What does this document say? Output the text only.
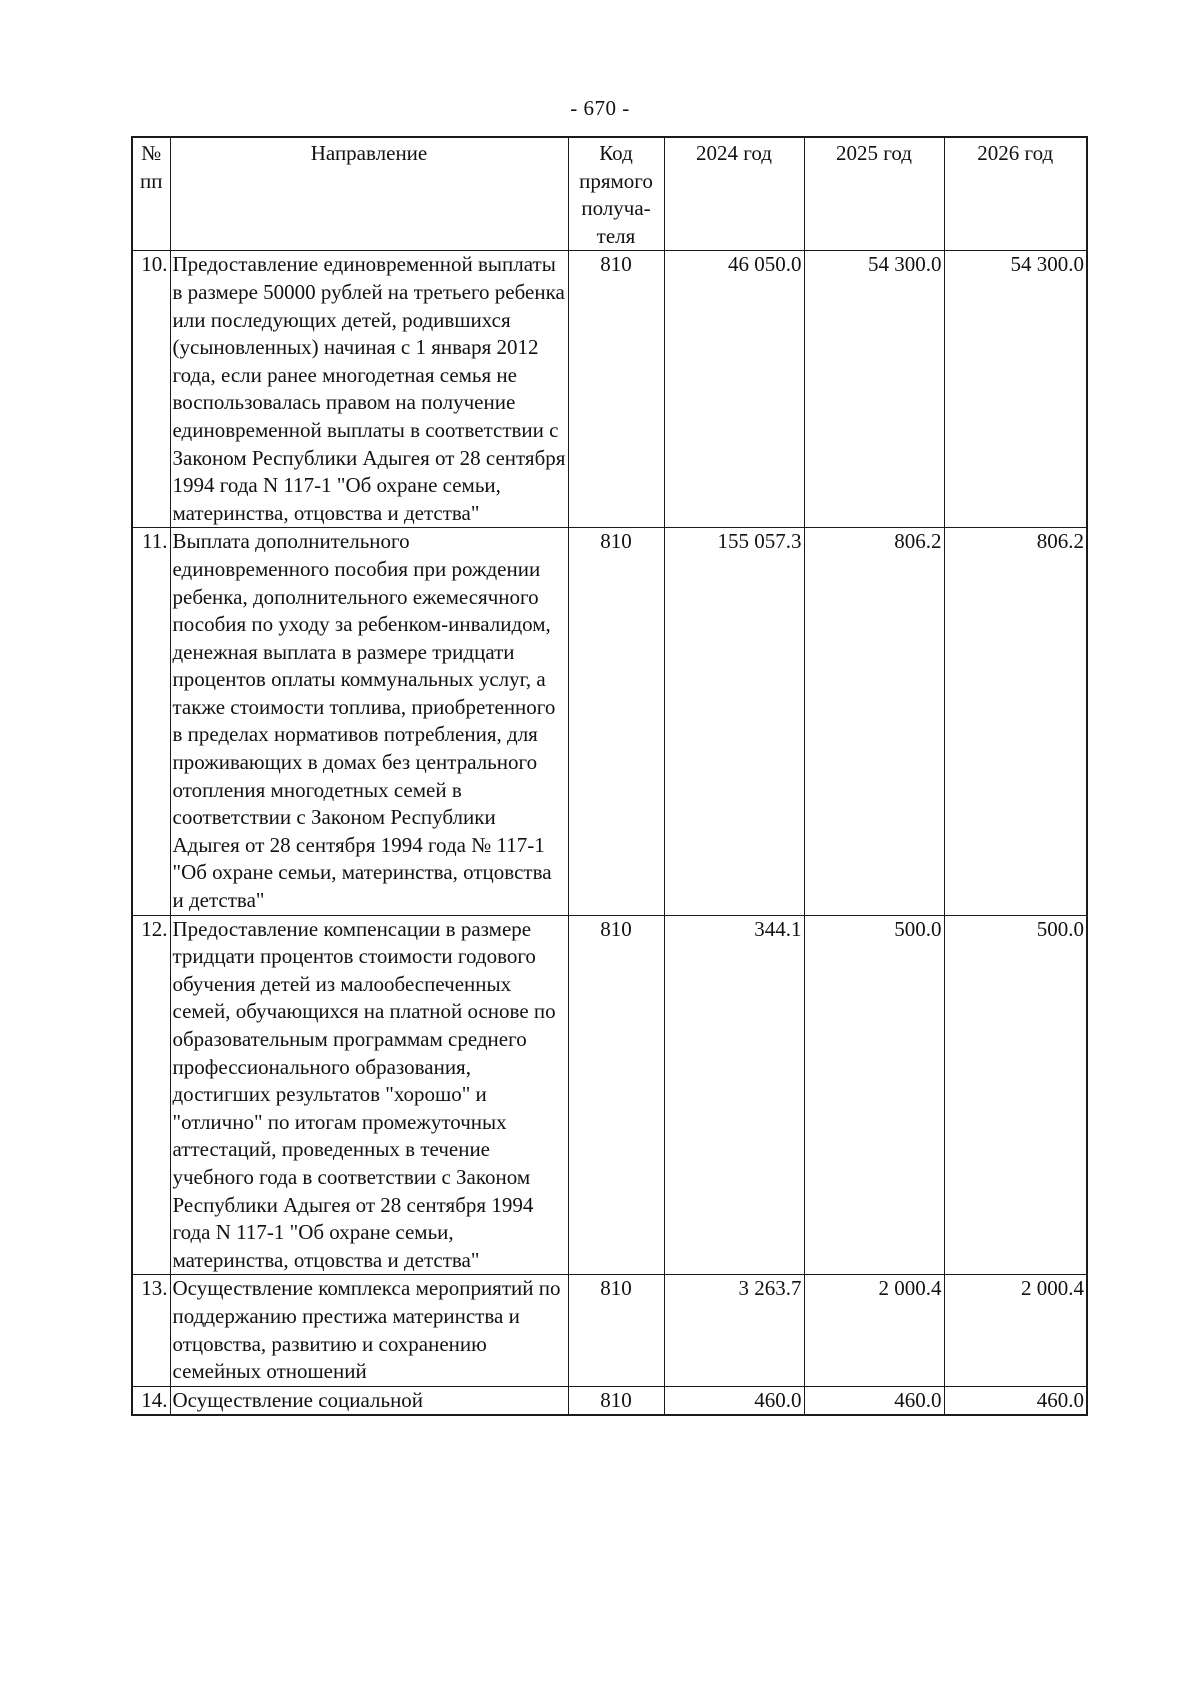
- 670 -
№ пп	Направление	Код прямого получа-теля	2024 год	2025 год	2026 год
10.	Предоставление единовременной выплаты в размере 50000 рублей на третьего ребенка или последующих детей, родившихся (усыновленных) начиная с 1 января 2012 года, если ранее многодетная семья не воспользовалась правом на получение единовременной выплаты в соответствии с Законом Республики Адыгея от 28 сентября 1994 года N 117-1 "Об охране семьи, материнства, отцовства и детства"	810	46 050.0	54 300.0	54 300.0
11.	Выплата дополнительного единовременного пособия при рождении ребенка, дополнительного ежемесячного пособия по уходу за ребенком-инвалидом, денежная выплата в размере тридцати процентов оплаты коммунальных услуг, а также стоимости топлива, приобретенного в пределах нормативов потребления, для проживающих в домах без центрального отопления многодетных семей в соответствии с Законом Республики Адыгея от 28 сентября 1994 года № 117-1 "Об охране семьи, материнства, отцовства и детства"	810	155 057.3	806.2	806.2
12.	Предоставление компенсации в размере тридцати процентов стоимости годового обучения детей из малообеспеченных семей, обучающихся на платной основе по образовательным программам среднего профессионального образования, достигших результатов "хорошо" и "отлично" по итогам промежуточных аттестаций, проведенных в течение учебного года в соответствии с Законом Республики Адыгея от 28 сентября 1994 года N 117-1 "Об охране семьи, материнства, отцовства и детства"	810	344.1	500.0	500.0
13.	Осуществление комплекса мероприятий по поддержанию престижа материнства и отцовства, развитию и сохранению семейных отношений	810	3 263.7	2 000.4	2 000.4
14.	Осуществление социальной	810	460.0	460.0	460.0
